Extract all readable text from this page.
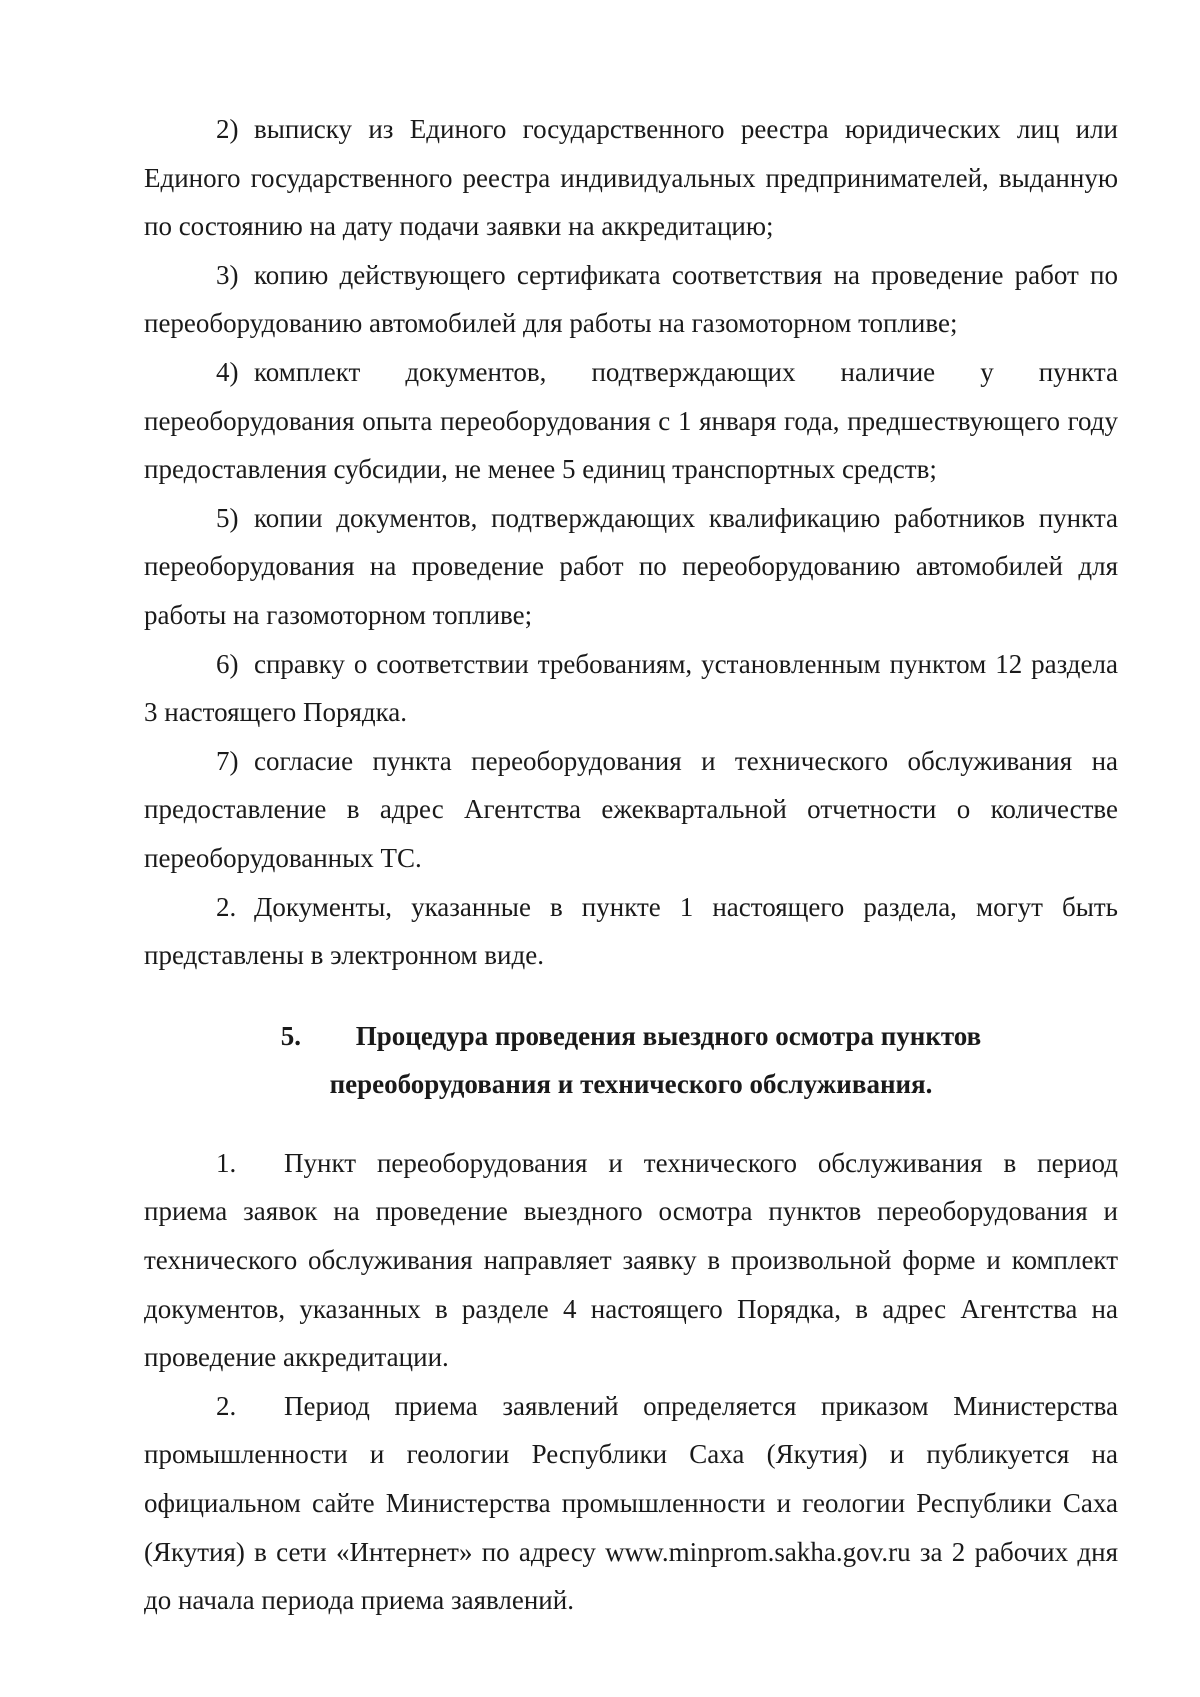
2) выписку из Единого государственного реестра юридических лиц или Единого государственного реестра индивидуальных предпринимателей, выданную по состоянию на дату подачи заявки на аккредитацию;

3) копию действующего сертификата соответствия на проведение работ по переоборудованию автомобилей для работы на газомоторном топливе;

4) комплект документов, подтверждающих наличие у пункта переоборудования опыта переоборудования с 1 января года, предшествующего году предоставления субсидии, не менее 5 единиц транспортных средств;

5) копии документов, подтверждающих квалификацию работников пункта переоборудования на проведение работ по переоборудованию автомобилей для работы на газомоторном топливе;

6) справку о соответствии требованиям, установленным пунктом 12 раздела 3 настоящего Порядка.

7) согласие пункта переоборудования и технического обслуживания на предоставление в адрес Агентства ежеквартальной отчетности о количестве переоборудованных ТС.

2. Документы, указанные в пункте 1 настоящего раздела, могут быть представлены в электронном виде.

5. Процедура проведения выездного осмотра пунктов
переоборудования и технического обслуживания.

1. Пункт переоборудования и технического обслуживания в период приема заявок на проведение выездного осмотра пунктов переоборудования и технического обслуживания направляет заявку в произвольной форме и комплект документов, указанных в разделе 4 настоящего Порядка, в адрес Агентства на проведение аккредитации.

2. Период приема заявлений определяется приказом Министерства промышленности и геологии Республики Саха (Якутия) и публикуется на официальном сайте Министерства промышленности и геологии Республики Саха (Якутия) в сети «Интернет» по адресу www.minprom.sakha.gov.ru за 2 рабочих дня до начала периода приема заявлений.
